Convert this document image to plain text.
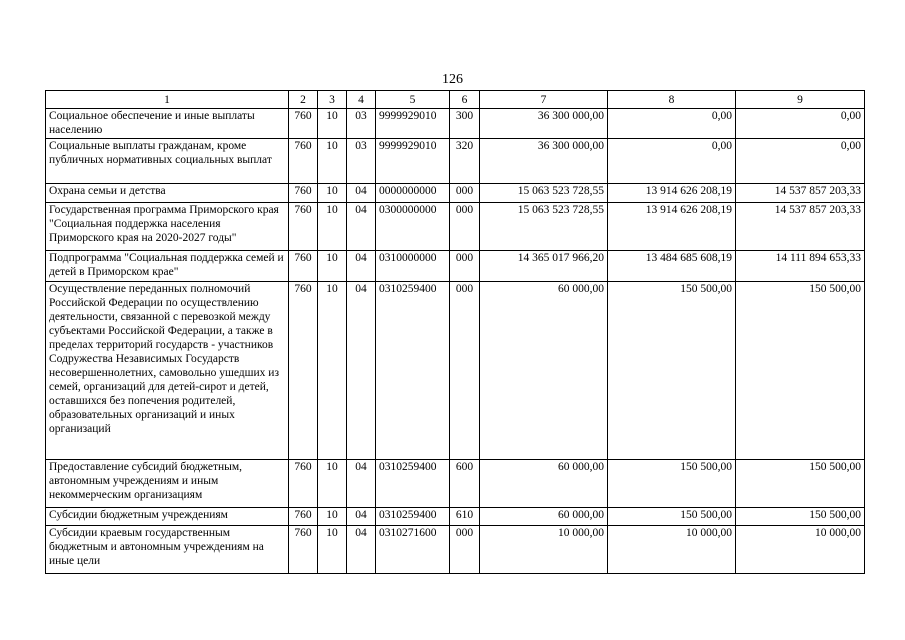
126
1	2	3	4	5	6	7	8	9
Социальное обеспечение и иные выплаты населению	760	10	03	9999929010	300	36 300 000,00	0,00	0,00
Социальные выплаты гражданам, кроме публичных нормативных социальных выплат	760	10	03	9999929010	320	36 300 000,00	0,00	0,00
Охрана семьи и детства	760	10	04	0000000000	000	15 063 523 728,55	13 914 626 208,19	14 537 857 203,33
Государственная программа Приморского края "Социальная поддержка населения Приморского края на 2020-2027 годы"	760	10	04	0300000000	000	15 063 523 728,55	13 914 626 208,19	14 537 857 203,33
Подпрограмма "Социальная поддержка семей и детей в Приморском крае"	760	10	04	0310000000	000	14 365 017 966,20	13 484 685 608,19	14 111 894 653,33
Осуществление переданных полномочий Российской Федерации по осуществлению деятельности, связанной с перевозкой между субъектами Российской Федерации, а также в пределах территорий государств - участников Содружества Независимых Государств несовершеннолетних, самовольно ушедших из семей, организаций для детей-сирот и детей, оставшихся без попечения родителей, образовательных организаций и иных организаций	760	10	04	0310259400	000	60 000,00	150 500,00	150 500,00
Предоставление субсидий бюджетным, автономным учреждениям и иным некоммерческим организациям	760	10	04	0310259400	600	60 000,00	150 500,00	150 500,00
Субсидии бюджетным учреждениям	760	10	04	0310259400	610	60 000,00	150 500,00	150 500,00
Субсидии краевым государственным бюджетным и автономным учреждениям на иные цели	760	10	04	0310271600	000	10 000,00	10 000,00	10 000,00
